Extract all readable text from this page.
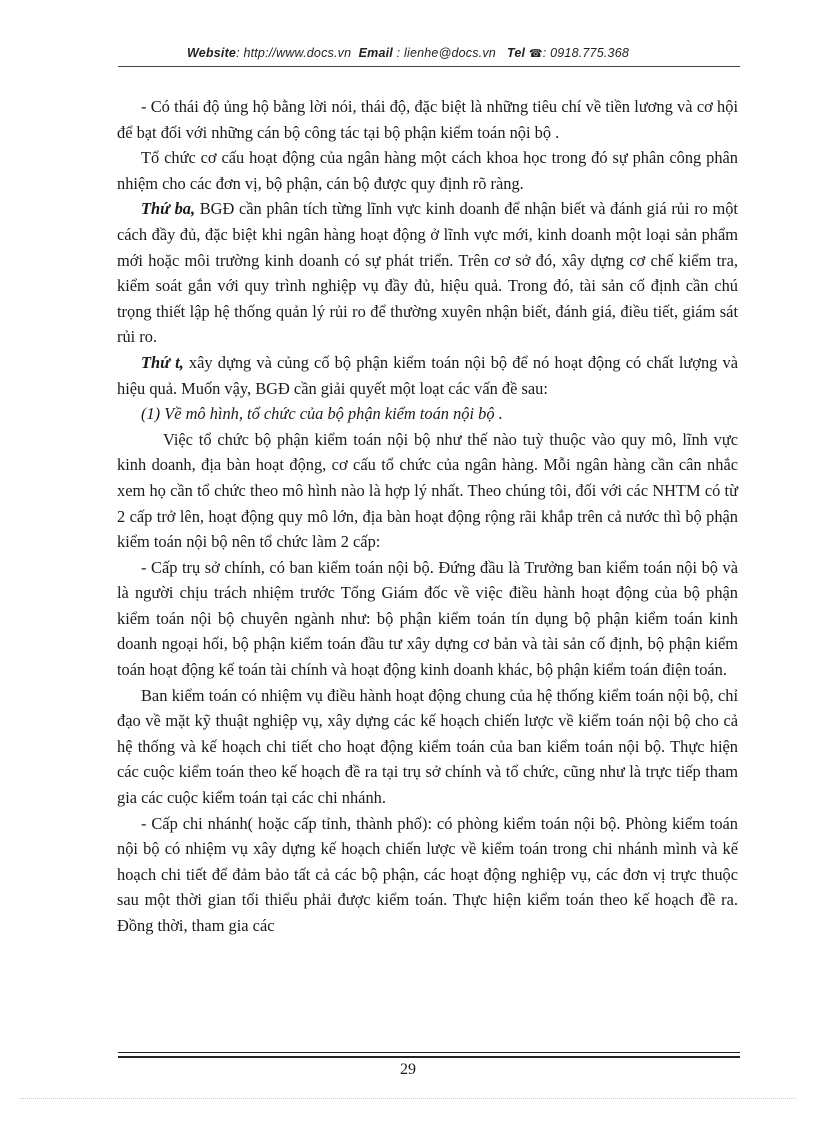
Website: http://www.docs.vn Email : lienhe@docs.vn Tel ☎: 0918.775.368

- Có thái độ ủng hộ bằng lời nói, thái độ, đặc biệt là những tiêu chí về tiền lương và cơ hội để bạt đối với những cán bộ công tác tại bộ phận kiểm toán nội bộ .

Tổ chức cơ cấu hoạt động của ngân hàng một cách khoa học trong đó sự phân công phân nhiệm cho các đơn vị, bộ phận, cán bộ được quy định rõ ràng.

Thứ ba, BGĐ cần phân tích từng lĩnh vực kinh doanh để nhận biết và đánh giá rủi ro một cách đầy đủ, đặc biệt khi ngân hàng hoạt động ở lĩnh vực mới, kinh doanh một loại sản phẩm mới hoặc môi trường kinh doanh có sự phát triển. Trên cơ sở đó, xây dựng cơ chế kiểm tra, kiểm soát gắn với quy trình nghiệp vụ đầy đủ, hiệu quả. Trong đó, tài sản cố định cần chú trọng thiết lập hệ thống quản lý rủi ro để thường xuyên nhận biết, đánh giá, điều tiết, giám sát rủi ro.

Thứ t, xây dựng và củng cố bộ phận kiểm toán nội bộ để nó hoạt động có chất lượng và hiệu quả. Muốn vậy, BGĐ cần giải quyết một loạt các vấn đề sau:

(1) Về mô hình, tổ chức của bộ phận kiểm toán nội bộ .

Việc tổ chức bộ phận kiểm toán nội bộ như thế nào tuỳ thuộc vào quy mô, lĩnh vực kinh doanh, địa bàn hoạt động, cơ cấu tổ chức của ngân hàng. Mỗi ngân hàng cần cân nhắc xem họ cần tổ chức theo mô hình nào là hợp lý nhất. Theo chúng tôi, đối với các NHTM có từ 2 cấp trở lên, hoạt động quy mô lớn, địa bàn hoạt động rộng rãi khắp trên cả nước thì bộ phận kiểm toán nội bộ nên tổ chức làm 2 cấp:

- Cấp trụ sở chính, có ban kiểm toán nội bộ. Đứng đầu là Trưởng ban kiểm toán nội bộ và là người chịu trách nhiệm trước Tổng Giám đốc về việc điều hành hoạt động của bộ phận kiểm toán nội bộ chuyên ngành như: bộ phận kiểm toán tín dụng bộ phận kiểm toán kinh doanh ngoại hối, bộ phận kiểm toán đầu tư xây dựng cơ bản và tài sản cố định, bộ phận kiểm toán hoạt động kế toán tài chính và hoạt động kinh doanh khác, bộ phận kiểm toán điện toán.

Ban kiểm toán có nhiệm vụ điều hành hoạt động chung của hệ thống kiểm toán nội bộ, chỉ đạo về mặt kỹ thuật nghiệp vụ, xây dựng các kế hoạch chiến lược về kiểm toán nội bộ cho cả hệ thống và kế hoạch chi tiết cho hoạt động kiểm toán của ban kiểm toán nội bộ. Thực hiện các cuộc kiểm toán theo kế hoạch đề ra tại trụ sở chính và tổ chức, cũng như là trực tiếp tham gia các cuộc kiểm toán tại các chi nhánh.

- Cấp chi nhánh( hoặc cấp tỉnh, thành phố): có phòng kiểm toán nội bộ. Phòng kiểm toán nội bộ có nhiệm vụ xây dựng kế hoạch chiến lược về kiểm toán trong chi nhánh mình và kế hoạch chi tiết để đảm bảo tất cả các bộ phận, các hoạt động nghiệp vụ, các đơn vị trực thuộc sau một thời gian tối thiểu phải được kiểm toán. Thực hiện kiểm toán theo kế hoạch đề ra. Đồng thời, tham gia các

29
